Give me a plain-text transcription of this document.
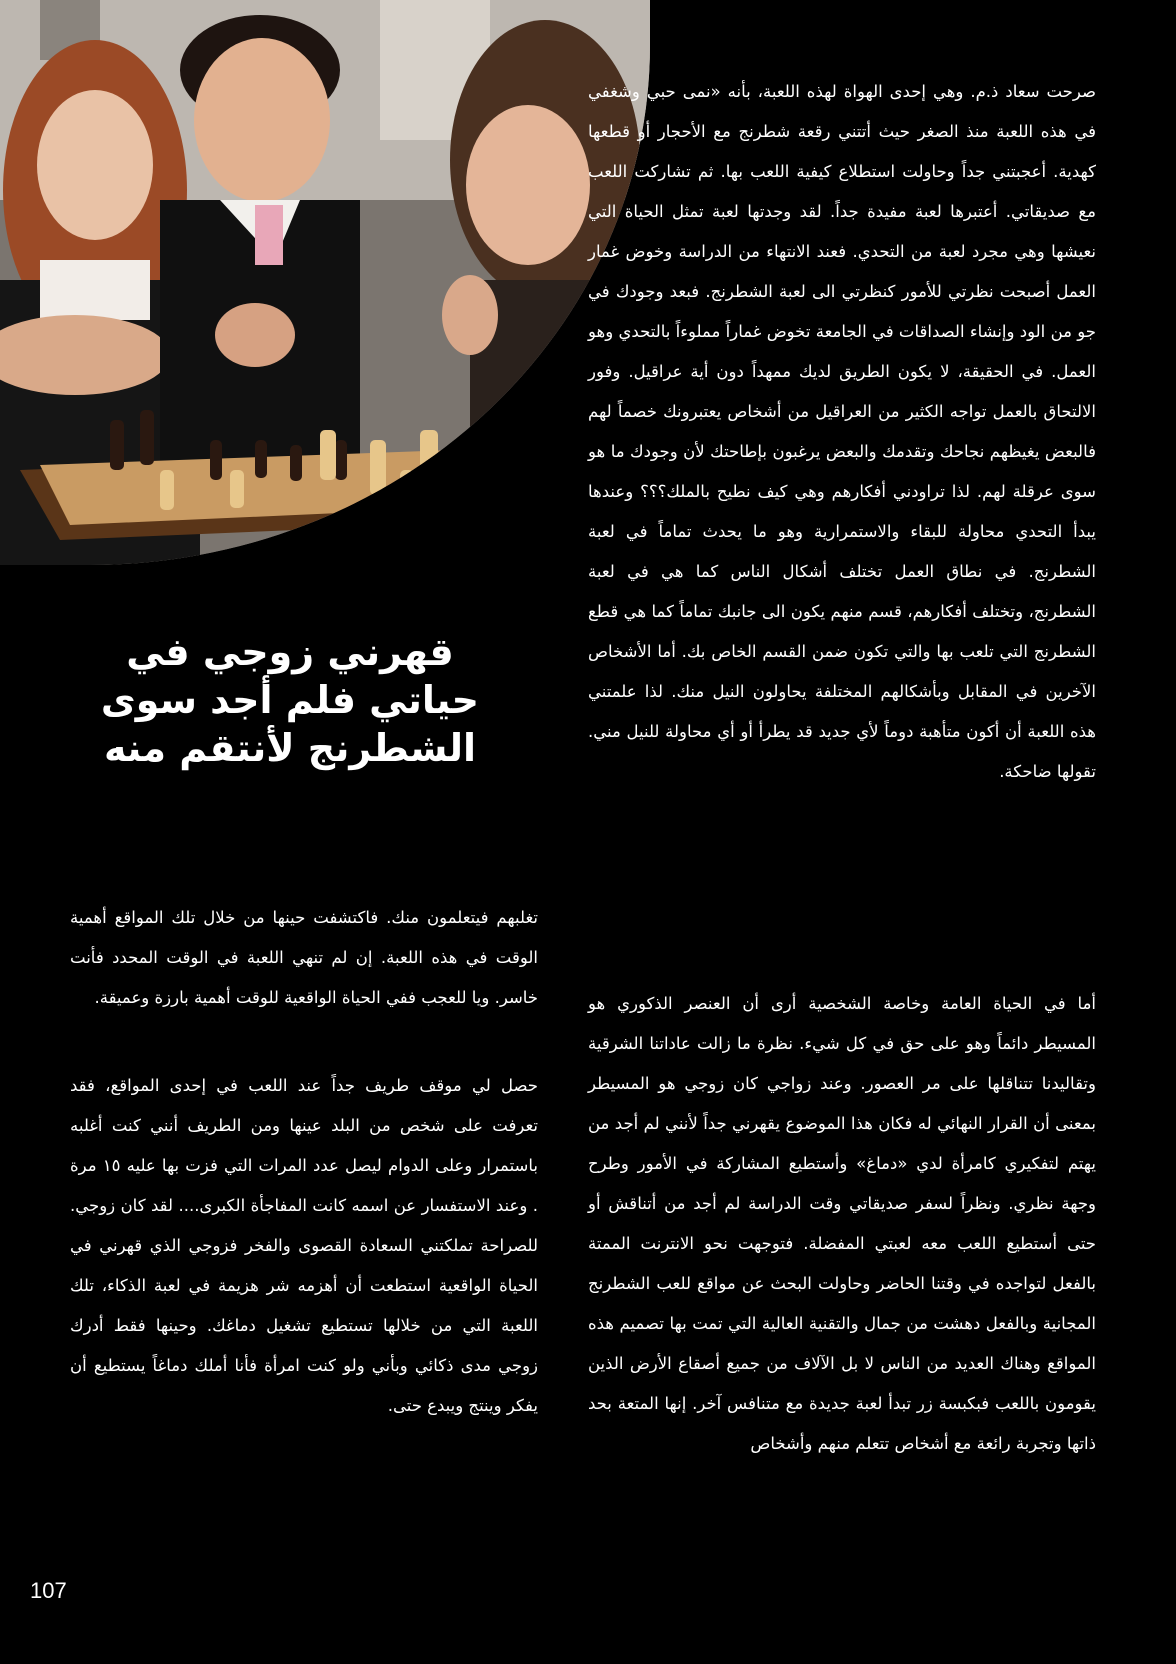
صرحت سعاد ذ.م. وهي إحدى الهواة لهذه اللعبة، بأنه «نمى حبي وشغفي في هذه اللعبة منذ الصغر حيث أتتني رقعة شطرنج مع الأحجار أو قطعها كهدية. أعجبتني جداً وحاولت استطلاع كيفية اللعب بها. ثم تشاركت اللعب مع صديقاتي. أعتبرها لعبة مفيدة جداً. لقد وجدتها لعبة تمثل الحياة التي نعيشها وهي مجرد لعبة من التحدي. فعند الانتهاء من الدراسة وخوض غمار العمل أصبحت نظرتي للأمور كنظرتي الى لعبة الشطرنج. فبعد وجودك في جو من الود وإنشاء الصداقات في الجامعة تخوض غماراً مملوءاً بالتحدي وهو العمل. في الحقيقة، لا يكون الطريق لديك ممهداً دون أية عراقيل. وفور الالتحاق بالعمل تواجه الكثير من العراقيل من أشخاص يعتبرونك خصماً لهم فالبعض يغيظهم نجاحك وتقدمك والبعض يرغبون بإطاحتك لأن وجودك ما هو سوى عرقلة لهم. لذا تراودني أفكارهم وهي كيف نطيح بالملك؟؟؟ وعندها يبدأ التحدي محاولة للبقاء والاستمرارية وهو ما يحدث تماماً في لعبة الشطرنج. في نطاق العمل تختلف أشكال الناس كما هي في لعبة الشطرنج، وتختلف أفكارهم، قسم منهم يكون الى جانبك تماماً كما هي قطع الشطرنج التي تلعب بها والتي تكون ضمن القسم الخاص بك. أما الأشخاص الآخرين في المقابل وبأشكالهم المختلفة يحاولون النيل منك. لذا علمتني هذه اللعبة أن أكون متأهبة دوماً لأي جديد قد يطرأ أو أي محاولة للنيل مني. تقولها ضاحكة.

قهرني زوجي في حياتي فلم أجد سوى الشطرنج لأنتقم منه

تغلبهم فيتعلمون منك. فاكتشفت حينها من خلال تلك المواقع أهمية الوقت في هذه اللعبة. إن لم تنهي اللعبة في الوقت المحدد فأنت خاسر. ويا للعجب ففي الحياة الواقعية للوقت أهمية بارزة وعميقة.

حصل لي موقف طريف جداً عند اللعب في إحدى المواقع، فقد تعرفت على شخص من البلد عينها ومن الطريف أنني كنت أغلبه باستمرار وعلى الدوام ليصل عدد المرات التي فزت بها عليه ١٥ مرة . وعند الاستفسار عن اسمه كانت المفاجأة الكبرى.... لقد كان زوجي. للصراحة تملكتني السعادة القصوى والفخر فزوجي الذي قهرني في الحياة الواقعية استطعت أن أهزمه شر هزيمة في لعبة الذكاء، تلك اللعبة التي من خلالها تستطيع تشغيل دماغك. وحينها فقط أدرك زوجي مدى ذكائي وبأني ولو كنت امرأة فأنا أملك دماغاً يستطيع أن يفكر وينتج ويبدع حتى.

أما في الحياة العامة وخاصة الشخصية أرى أن العنصر الذكوري هو المسيطر دائماً وهو على حق في كل شيء. نظرة ما زالت عاداتنا الشرقية وتقاليدنا تتناقلها على مر العصور. وعند زواجي كان زوجي هو المسيطر بمعنى أن القرار النهائي له فكان هذا الموضوع يقهرني جداً لأنني لم أجد من يهتم لتفكيري كامرأة لدي «دماغ» وأستطيع المشاركة في الأمور وطرح وجهة نظري. ونظراً لسفر صديقاتي وقت الدراسة لم أجد من أتناقش أو حتى أستطيع اللعب معه لعبتي المفضلة. فتوجهت نحو الانترنت الممتة بالفعل لتواجده في وقتنا الحاضر وحاولت البحث عن مواقع للعب الشطرنج المجانية وبالفعل دهشت من جمال والتقنية العالية التي تمت بها تصميم هذه المواقع وهناك العديد من الناس لا بل الآلاف من جميع أصقاع الأرض الذين يقومون باللعب فبكبسة زر تبدأ لعبة جديدة مع متنافس آخر. إنها المتعة بحد ذاتها وتجربة رائعة مع أشخاص تتعلم منهم وأشخاص

107
